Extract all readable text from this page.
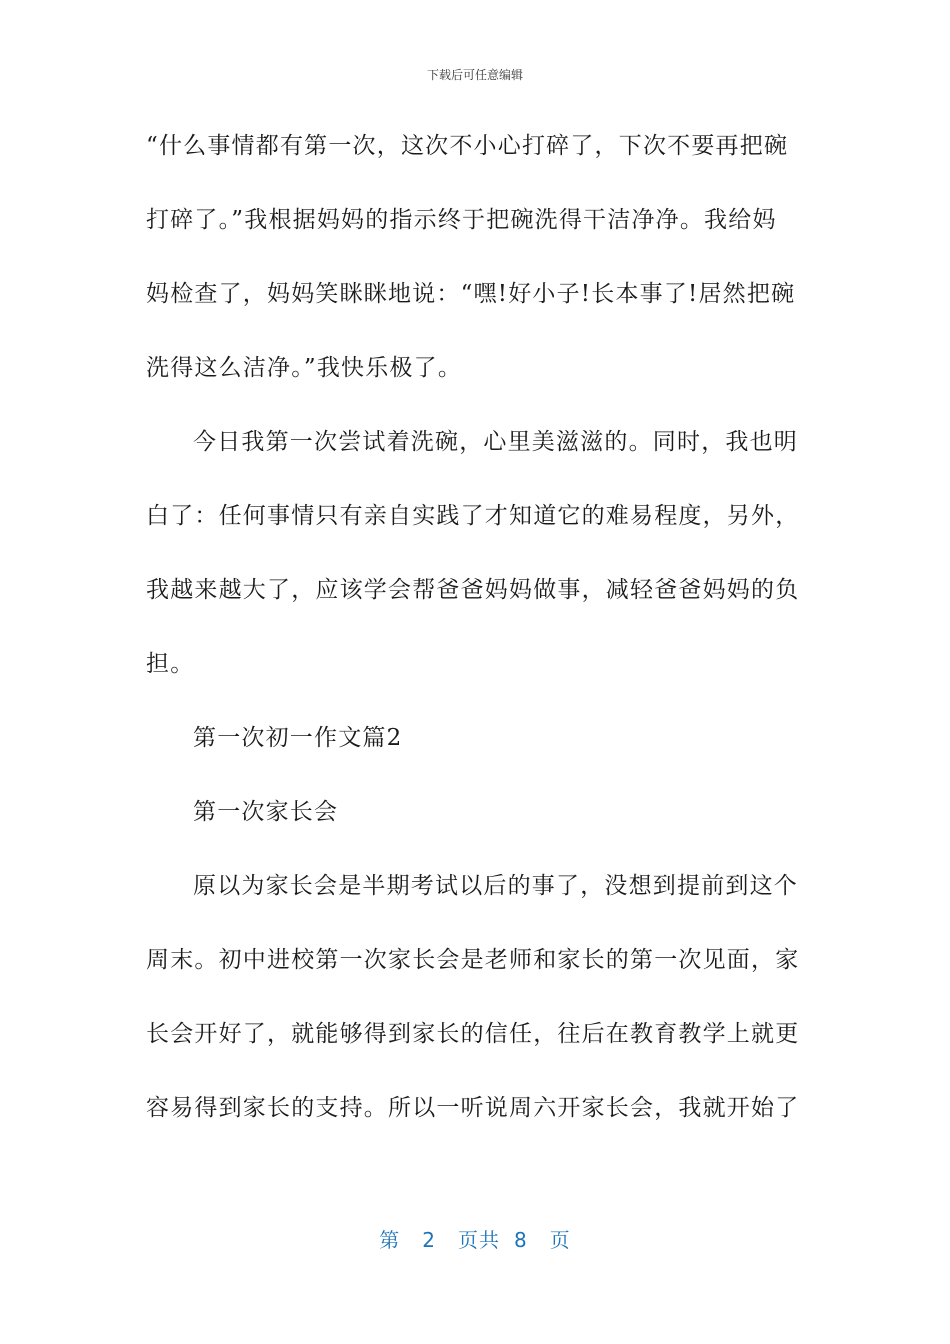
下载后可任意编辑
“什么事情都有第一次，这次不小心打碎了，下次不要再把碗
打碎了。”我根据妈妈的指示终于把碗洗得干洁净净。我给妈
妈检查了，妈妈笑眯眯地说：“嘿!好小子!长本事了!居然把碗
洗得这么洁净。”我快乐极了。
今日我第一次尝试着洗碗，心里美滋滋的。同时，我也明
白了：任何事情只有亲自实践了才知道它的难易程度，另外，
我越来越大了，应该学会帮爸爸妈妈做事，减轻爸爸妈妈的负
担。
第一次初一作文篇2
第一次家长会
原以为家长会是半期考试以后的事了，没想到提前到这个
周末。初中进校第一次家长会是老师和家长的第一次见面，家
长会开好了，就能够得到家长的信任，往后在教育教学上就更
容易得到家长的支持。所以一听说周六开家长会，我就开始了
第 2 页共 8 页
